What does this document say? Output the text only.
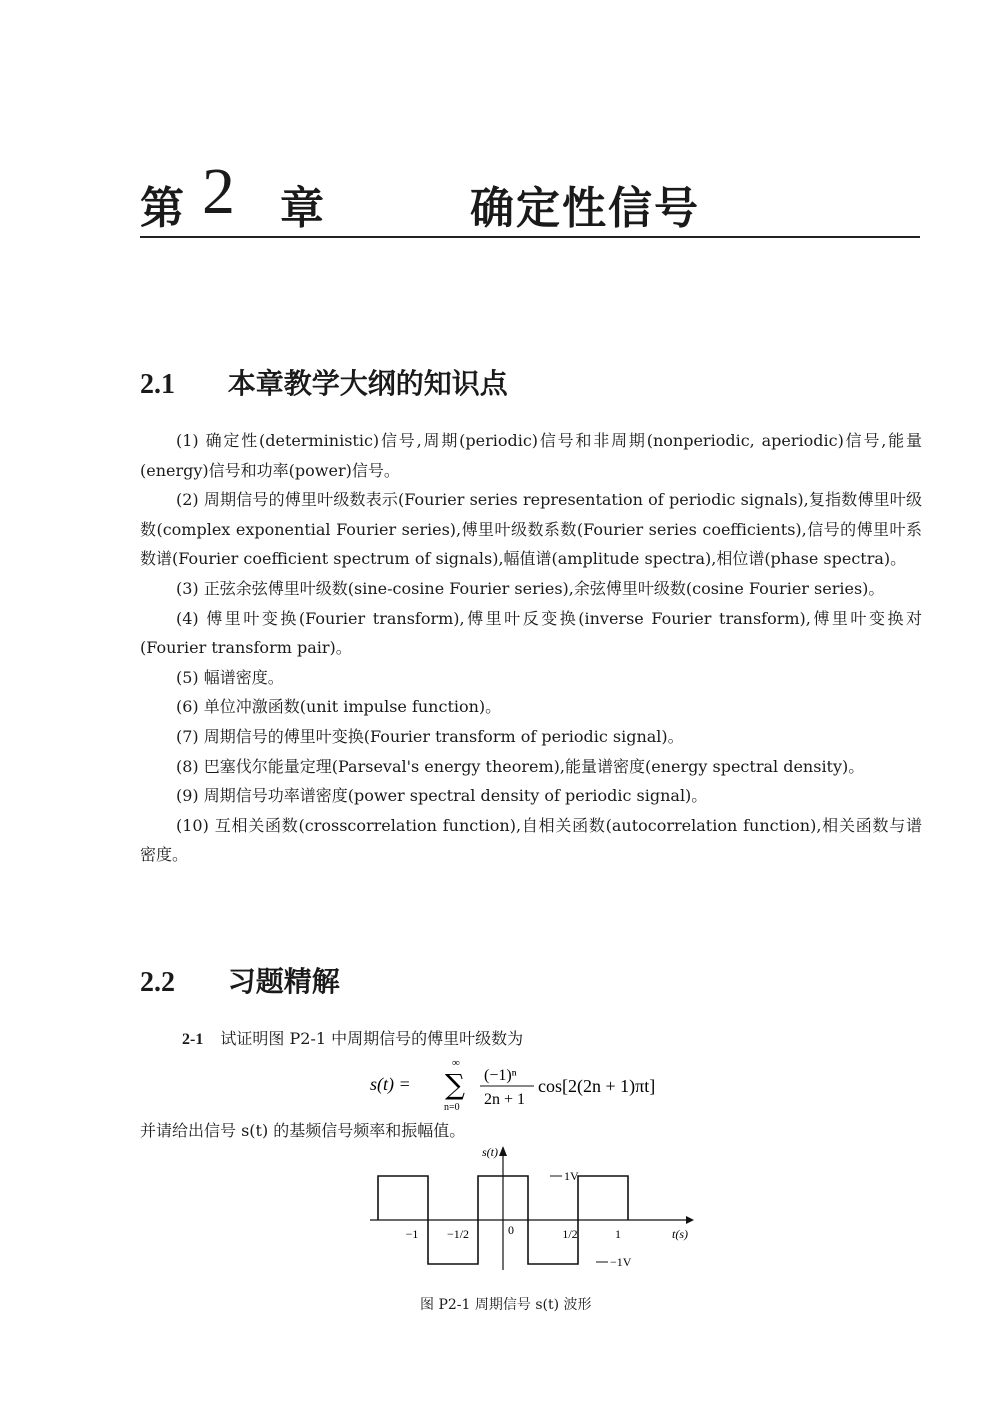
第 2 章	确定性信号
2.1 本章教学大纲的知识点

(1) 确定性(deterministic)信号,周期(periodic)信号和非周期(nonperiodic, aperiodic)信号,能量(energy)信号和功率(power)信号。

(2) 周期信号的傅里叶级数表示(Fourier series representation of periodic signals),复指数傅里叶级数(complex exponential Fourier series),傅里叶级数系数(Fourier series coefficients),信号的傅里叶系数谱(Fourier coefficient spectrum of signals),幅值谱(amplitude spectra),相位谱(phase spectra)。

(3) 正弦余弦傅里叶级数(sine-cosine Fourier series),余弦傅里叶级数(cosine Fourier series)。

(4) 傅里叶变换(Fourier transform),傅里叶反变换(inverse Fourier transform),傅里叶变换对(Fourier transform pair)。

(5) 幅谱密度。

(6) 单位冲激函数(unit impulse function)。

(7) 周期信号的傅里叶变换(Fourier transform of periodic signal)。

(8) 巴塞伐尔能量定理(Parseval's energy theorem),能量谱密度(energy spectral density)。

(9) 周期信号功率谱密度(power spectral density of periodic signal)。

(10) 互相关函数(crosscorrelation function),自相关函数(autocorrelation function),相关函数与谱密度。

2.2 习题精解
2-1 试证明图 P2-1 中周期信号的傅里叶级数为
s(t) =
∞
∑
n=0
(−1)ⁿ
2n + 1
cos[2(2n + 1)πt]
并请给出信号 s(t) 的基频信号频率和振幅值。
s(t)
t(s)
1V
−1V
−1 −1/2	0	1/2	1
图 P2-1 周期信号 s(t) 波形
